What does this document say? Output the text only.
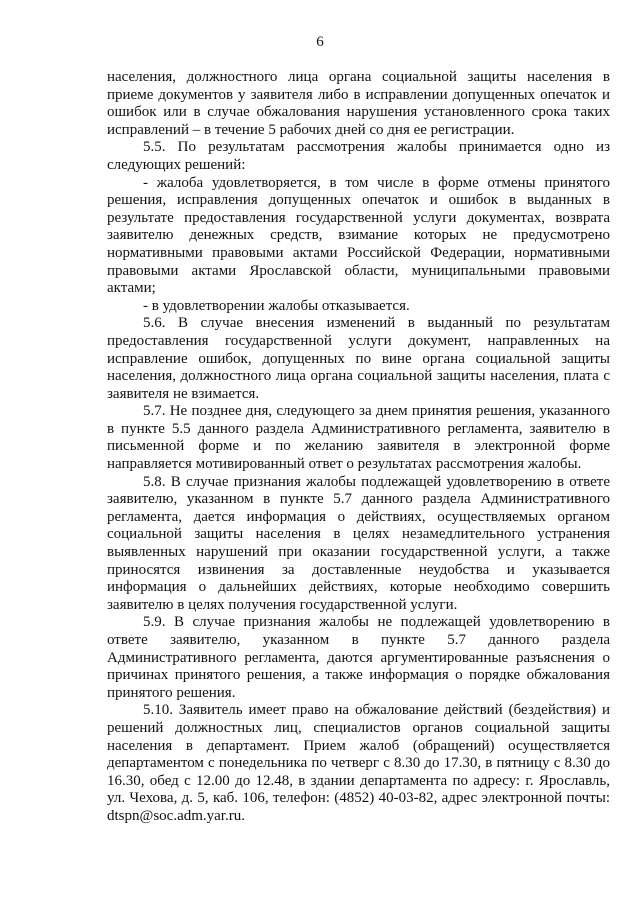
6

населения, должностного лица органа социальной защиты населения в приеме документов у заявителя либо в исправлении допущенных опечаток и ошибок или в случае обжалования нарушения установленного срока таких исправлений – в течение 5 рабочих дней со дня ее регистрации.

5.5. По результатам рассмотрения жалобы принимается одно из следующих решений:

- жалоба удовлетворяется, в том числе в форме отмены принятого решения, исправления допущенных опечаток и ошибок в выданных в результате предоставления государственной услуги документах, возврата заявителю денежных средств, взимание которых не предусмотрено нормативными правовыми актами Российской Федерации, нормативными правовыми актами Ярославской области, муниципальными правовыми актами;

- в удовлетворении жалобы отказывается.

5.6. В случае внесения изменений в выданный по результатам предоставления государственной услуги документ, направленных на исправление ошибок, допущенных по вине органа социальной защиты населения, должностного лица органа социальной защиты населения, плата с заявителя не взимается.

5.7. Не позднее дня, следующего за днем принятия решения, указанного в пункте 5.5 данного раздела Административного регламента, заявителю в письменной форме и по желанию заявителя в электронной форме направляется мотивированный ответ о результатах рассмотрения жалобы.

5.8. В случае признания жалобы подлежащей удовлетворению в ответе заявителю, указанном в пункте 5.7 данного раздела Административного регламента, дается информация о действиях, осуществляемых органом социальной защиты населения в целях незамедлительного устранения выявленных нарушений при оказании государственной услуги, а также приносятся извинения за доставленные неудобства и указывается информация о дальнейших действиях, которые необходимо совершить заявителю в целях получения государственной услуги.

5.9. В случае признания жалобы не подлежащей удовлетворению в ответе заявителю, указанном в пункте 5.7 данного раздела Административного регламента, даются аргументированные разъяснения о причинах принятого решения, а также информация о порядке обжалования принятого решения.

5.10. Заявитель имеет право на обжалование действий (бездействия) и решений должностных лиц, специалистов органов социальной защиты населения в департамент. Прием жалоб (обращений) осуществляется департаментом с понедельника по четверг с 8.30 до 17.30, в пятницу с 8.30 до 16.30, обед с 12.00 до 12.48, в здании департамента по адресу: г. Ярославль, ул. Чехова, д. 5, каб. 106, телефон: (4852) 40-03-82, адрес электронной почты: dtspn@soc.adm.yar.ru.
